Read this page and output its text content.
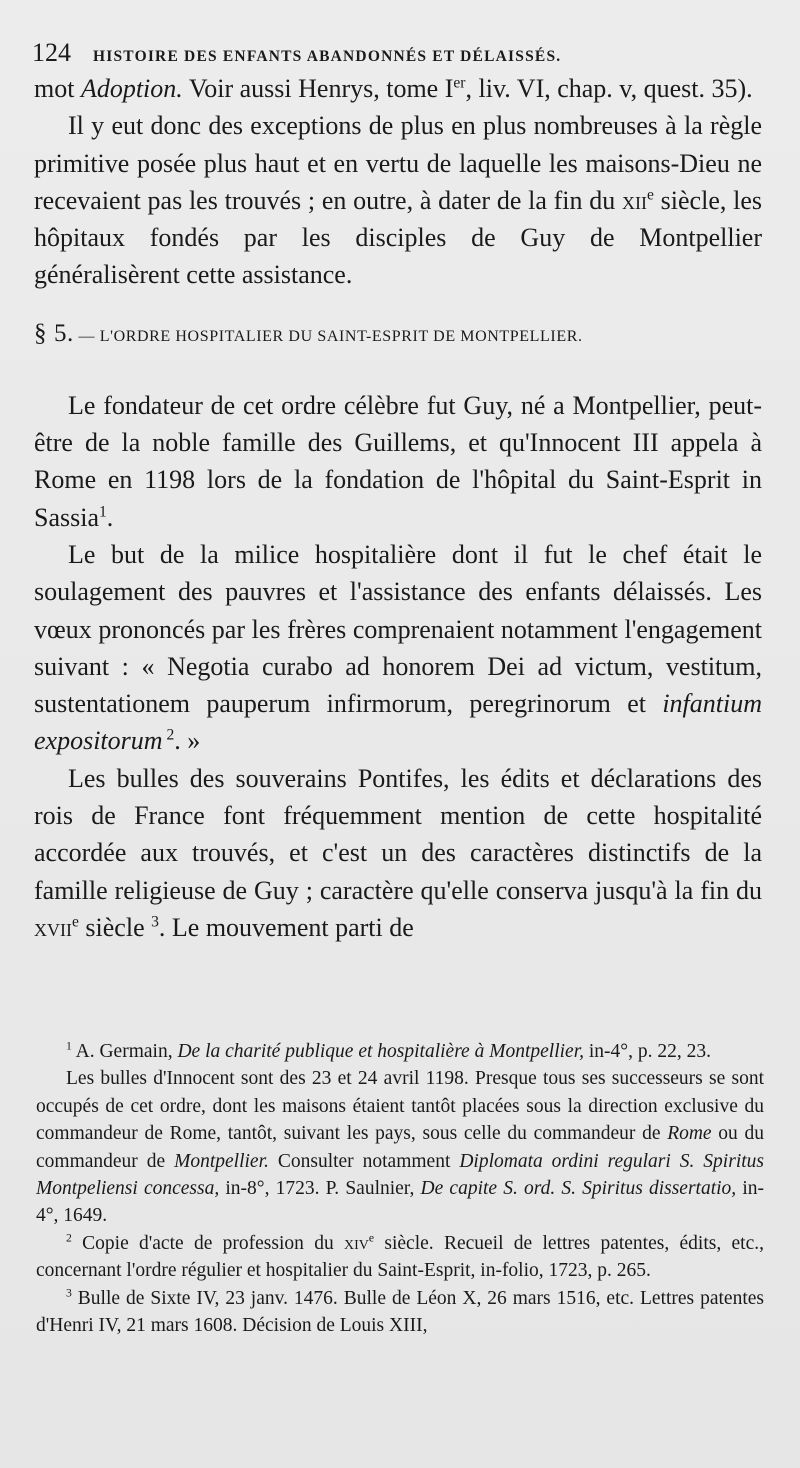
124 HISTOIRE DES ENFANTS ABANDONNÉS ET DÉLAISSÉS.

mot Adoption. Voir aussi Henrys, tome Ier, liv. VI, chap. v, quest. 35).

Il y eut donc des exceptions de plus en plus nombreuses à la règle primitive posée plus haut et en vertu de laquelle les maisons-Dieu ne recevaient pas les trouvés ; en outre, à dater de la fin du xii$^e$ siècle, les hôpitaux fondés par les disciples de Guy de Montpellier généralisèrent cette assistance.

§ 5. — L'ORDRE HOSPITALIER DU SAINT-ESPRIT DE MONTPELLIER.

Le fondateur de cet ordre célèbre fut Guy, né a Montpellier, peut-être de la noble famille des Guillems, et qu'Innocent III appela à Rome en 1198 lors de la fondation de l'hôpital du Saint-Esprit in Sassia$^1$.

Le but de la milice hospitalière dont il fut le chef était le soulagement des pauvres et l'assistance des enfants délaissés. Les vœux prononcés par les frères comprenaient notamment l'engagement suivant : « Negotia curabo ad honorem Dei ad victum, vestitum, sustentationem pauperum infirmorum, peregrinorum et infantium expositorum $^2$. »

Les bulles des souverains Pontifes, les édits et déclarations des rois de France font fréquemment mention de cette hospitalité accordée aux trouvés, et c'est un des caractères distinctifs de la famille religieuse de Guy ; caractère qu'elle conserva jusqu'à la fin du xvii$^e$ siècle $^3$. Le mouvement parti de

$^1$ A. Germain, De la charité publique et hospitalière à Montpellier, in-4°, p. 22, 23.

Les bulles d'Innocent sont des 23 et 24 avril 1198. Presque tous ses successeurs se sont occupés de cet ordre, dont les maisons étaient tantôt placées sous la direction exclusive du commandeur de Rome, tantôt, suivant les pays, sous celle du commandeur de Rome ou du commandeur de Montpellier. Consulter notamment Diplomata ordini regulari S. Spiritus Montpeliensi concessa, in-8°, 1723. P. Saulnier, De capite S. ord. S. Spiritus dissertatio, in-4°, 1649.

$^2$ Copie d'acte de profession du xiv$^e$ siècle. Recueil de lettres patentes, édits, etc., concernant l'ordre régulier et hospitalier du Saint-Esprit, in-folio, 1723, p. 265.

$^3$ Bulle de Sixte IV, 23 janv. 1476. Bulle de Léon X, 26 mars 1516, etc. Lettres patentes d'Henri IV, 21 mars 1608. Décision de Louis XIII,
